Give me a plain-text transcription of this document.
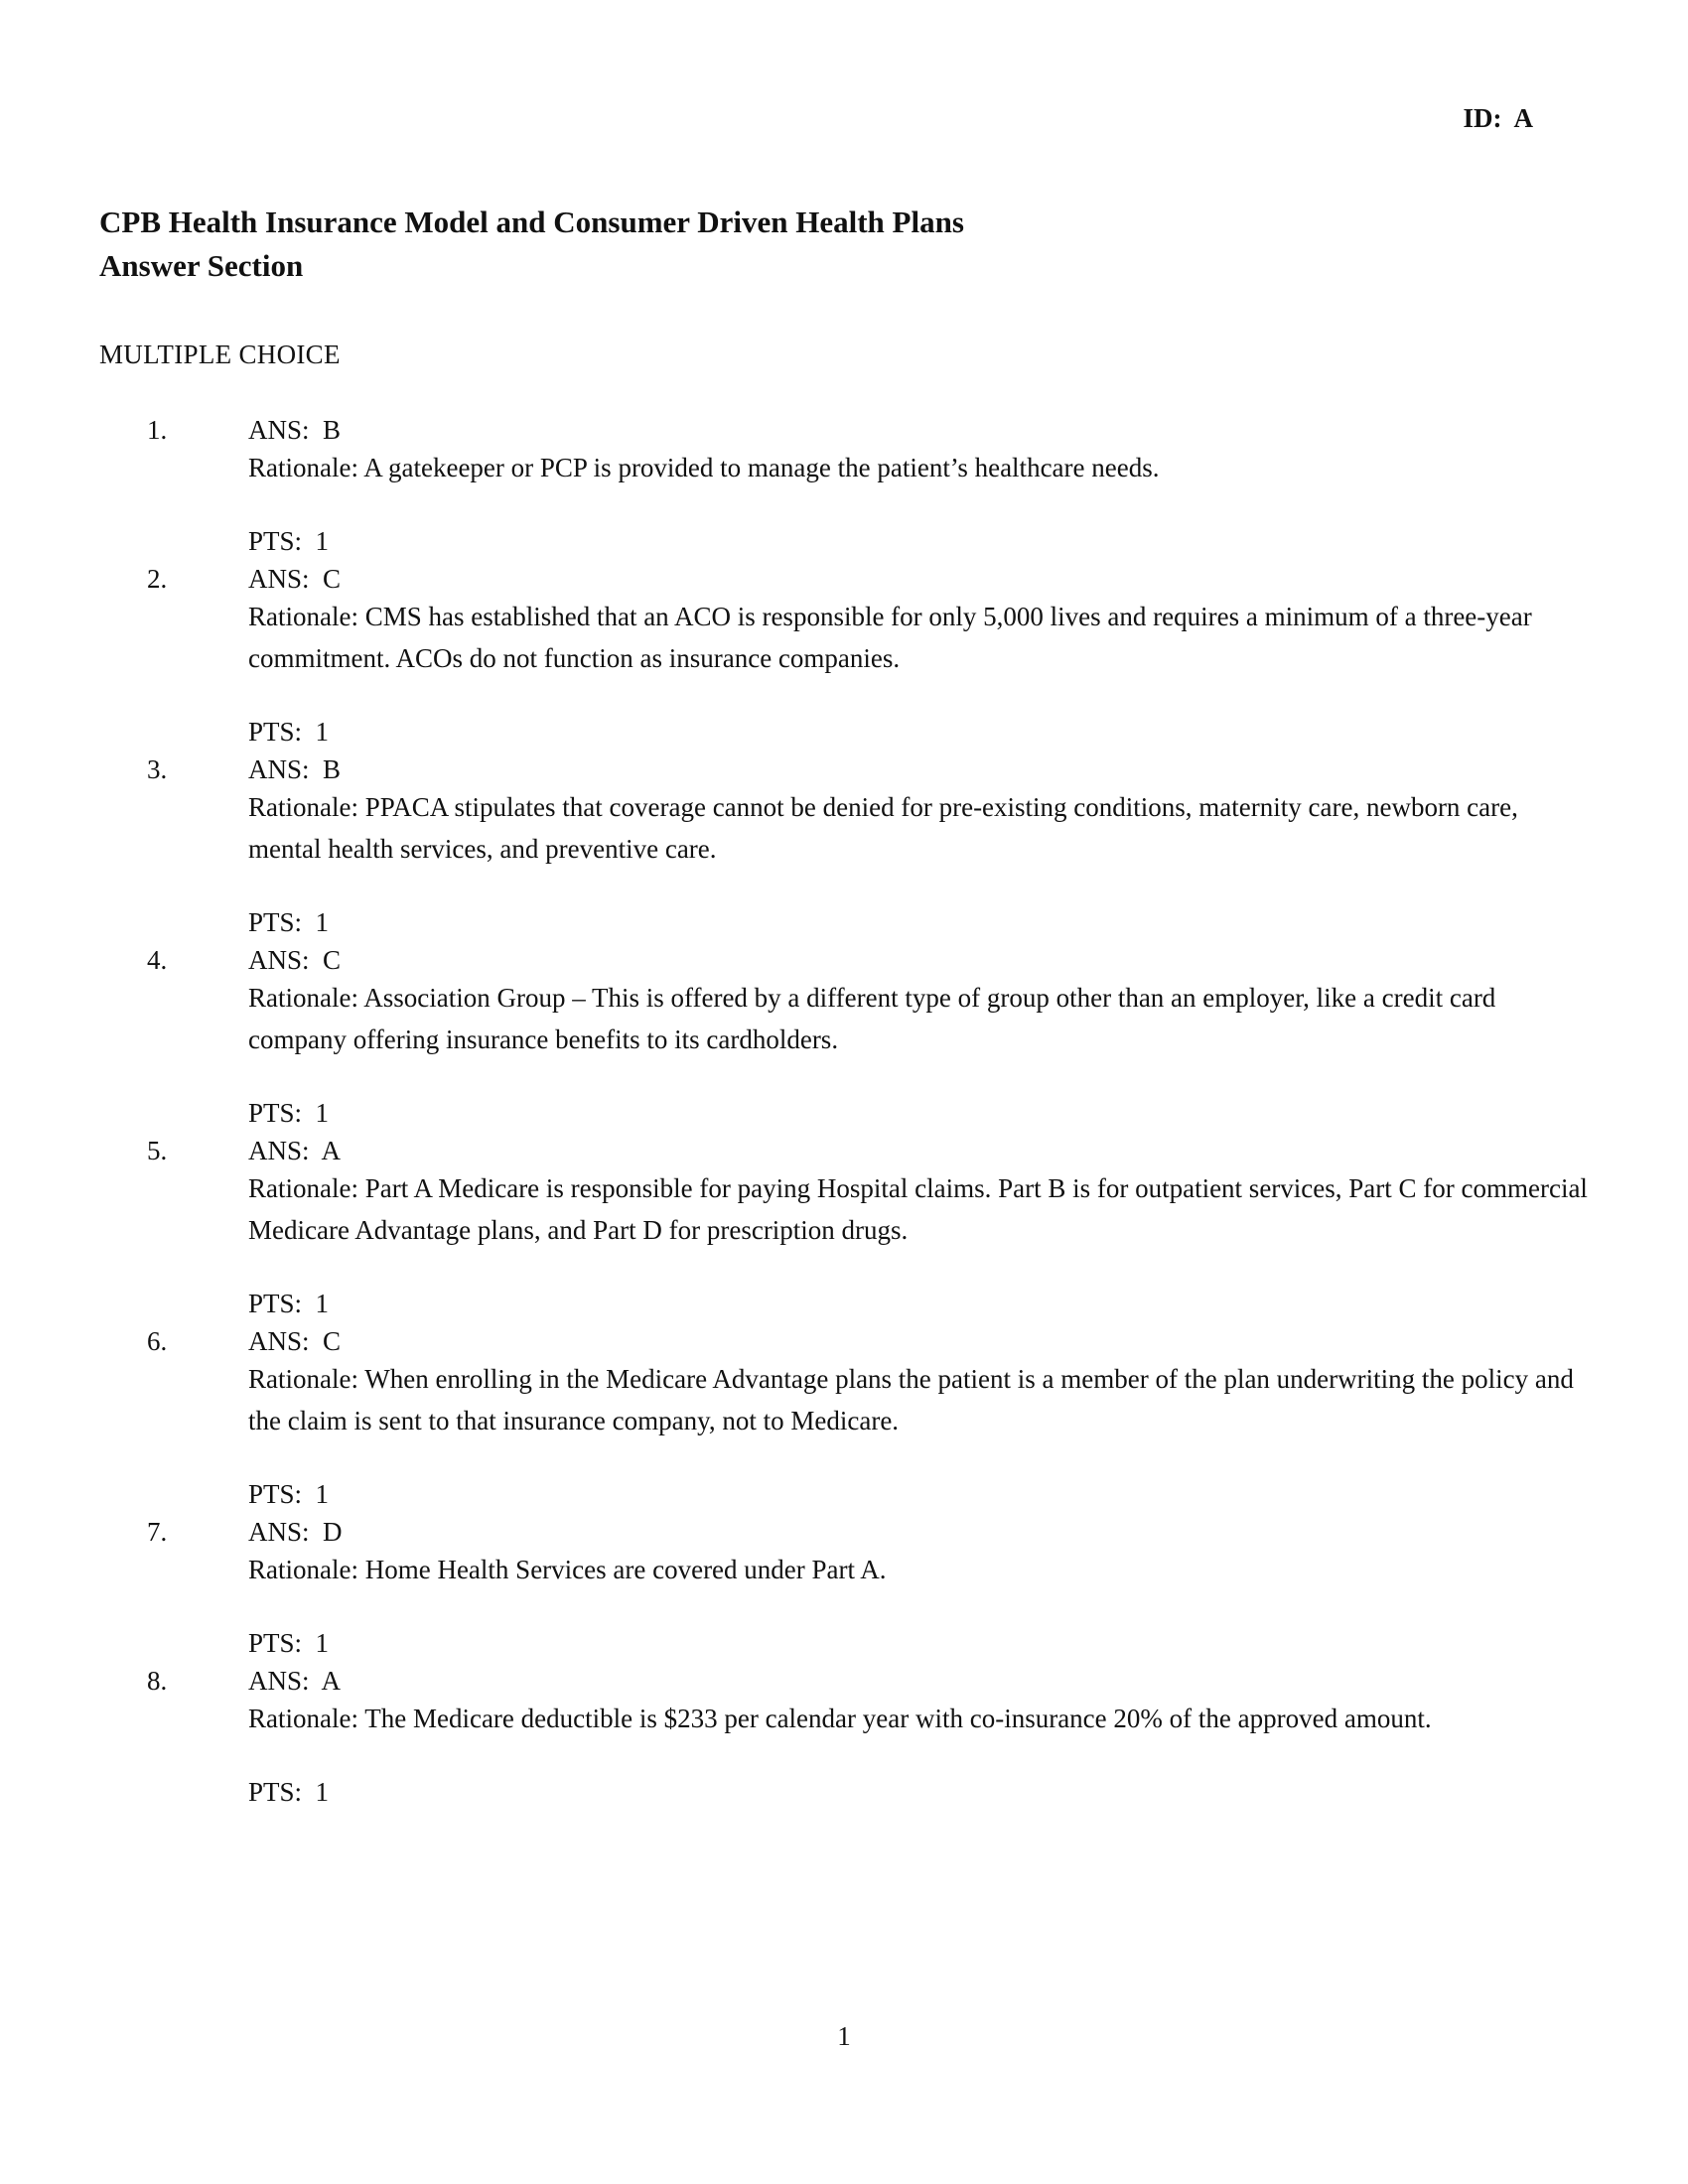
ID: A
CPB Health Insurance Model and Consumer Driven Health Plans
Answer Section
MULTIPLE CHOICE
1.	ANS: B
Rationale: A gatekeeper or PCP is provided to manage the patient’s healthcare needs.
PTS: 1
2.	ANS: C
Rationale: CMS has established that an ACO is responsible for only 5,000 lives and requires a minimum of a three-year commitment. ACOs do not function as insurance companies.
PTS: 1
3.	ANS: B
Rationale: PPACA stipulates that coverage cannot be denied for pre-existing conditions, maternity care, newborn care, mental health services, and preventive care.
PTS: 1
4.	ANS: C
Rationale: Association Group – This is offered by a different type of group other than an employer, like a credit card company offering insurance benefits to its cardholders.
PTS: 1
5.	ANS: A
Rationale: Part A Medicare is responsible for paying Hospital claims. Part B is for outpatient services, Part C for commercial Medicare Advantage plans, and Part D for prescription drugs.
PTS: 1
6.	ANS: C
Rationale: When enrolling in the Medicare Advantage plans the patient is a member of the plan underwriting the policy and the claim is sent to that insurance company, not to Medicare.
PTS: 1
7.	ANS: D
Rationale: Home Health Services are covered under Part A.
PTS: 1
8.	ANS: A
Rationale: The Medicare deductible is $233 per calendar year with co-insurance 20% of the approved amount.
PTS: 1
1
